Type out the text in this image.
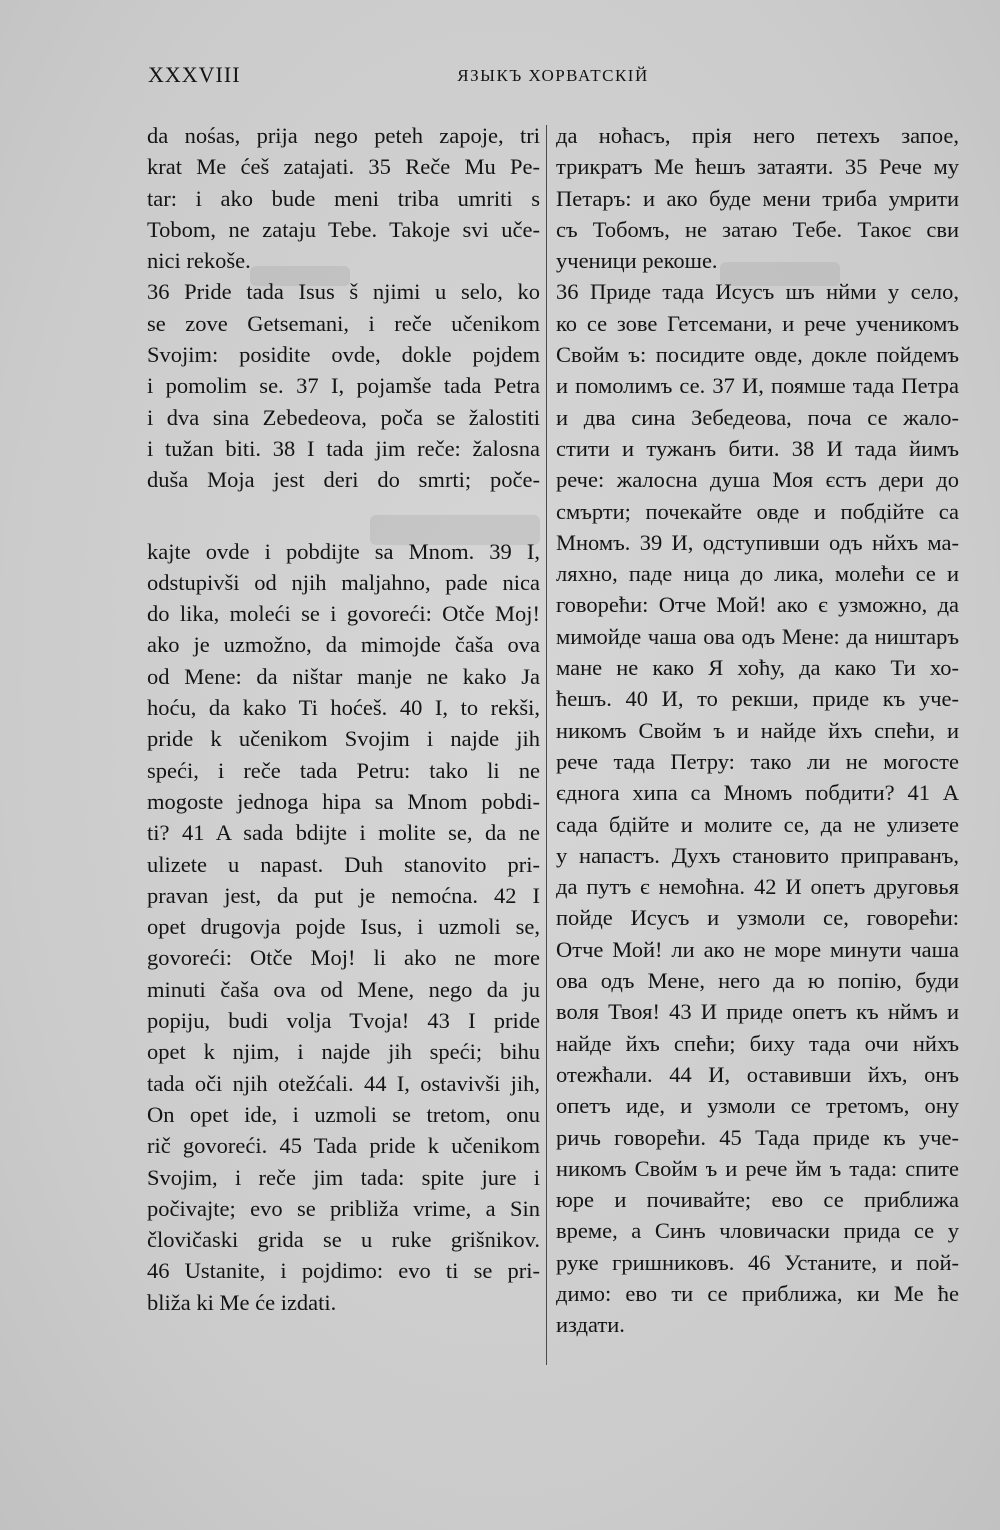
XXXVIII	ЯЗЫКЪ ХОРВАТСКІЙ
da nośas, prija nego peteh zapoje, tri
krat Me ćeš zatajati. 35 Reče Mu Pe-
tar: i ako bude meni triba umriti s
Tobom, ne zataju Tebe. Takoje svi uče-
nici rekoše.
36 Pride tada Isus š njimi u selo, ko
se zove Getsemani, i reče učenikom
Svojim: posidite ovde, dokle pojdem
i pomolim se. 37 I, pojamše tada Petra
i dva sina Zebedeova, poča se žalostiti
i tužan biti. 38 I tada jim reče: žalosna
duša Moja jest deri do smrti; poče-
kajte ovde i pobdijte sa Mnom. 39 I,
odstupivši od njih maljahno, pade nica
do lika, moleći se i govoreći: Otče Moj!
ako je uzmožno, da mimojde čaša ova
od Mene: da ništar manje ne kako Ja
hoću, da kako Ti hoćeš. 40 I, to rekši,
pride k učenikom Svojim i najde jih
speći, i reče tada Petru: tako li ne
mogoste jednoga hipa sa Mnom pobdi-
ti? 41 A sada bdijte i molite se, da ne
ulizete u napast. Duh stanovito pri-
pravan jest, da put je nemoćna. 42 I
opet drugovja pojde Isus, i uzmoli se,
govoreći: Otče Moj! li ako ne more
minuti čaša ova od Mene, nego da ju
popiju, budi volja Tvoja! 43 I pride
opet k njim, i najde jih speći; bihu
tada oči njih otežćali. 44 I, ostavivši jih,
On opet ide, i uzmoli se tretom, onu
rič govoreći. 45 Tada pride k učenikom
Svojim, i reče jim tada: spite jure i
počivajte; evo se približa vrime, a Sin
človičaski grida se u ruke grišnikov.
46 Ustanite, i pojdimo: evo ti se pri-
bliža ki Me će izdati.
да ноћасъ, прія него петехъ запое,
трикратъ Ме ћешъ затаяти. 35 Рече му
Петаръ: и ако буде мени триба умрити
съ Тобомъ, не затаю Тебе. Такоє сви
ученици рекоше.
36 Приде тада Исусъ шъ нйми у село,
ко се зове Гетсемани, и рече ученикомъ
Свойм ъ: посидите овде, докле пойдемъ
и помолимъ се. 37 И, поямше тада Петра
и два сина Зебедеова, поча се жало-
стити и тужанъ бити. 38 И тада йимъ
рече: жалосна душа Моя єстъ дери до
смърти; почекайте овде и побдійте са
Мномъ. 39 И, одступивши одъ нйхъ ма-
ляхно, паде ница до лика, молећи се и
говорећи: Отче Мой! ако є узможно, да
мимойде чаша ова одъ Мене: да ништаръ
мане не како Я хоћу, да како Ти хо-
ћешъ. 40 И, то рекши, приде къ уче-
никомъ Свойм ъ и найде йхъ спећи, и
рече тада Петру: тако ли не могосте
єднога хипа са Мномъ побдити? 41 А
сада бдійте и молите се, да не улизете
у напастъ. Духъ становито приправанъ,
да путъ є немоћна. 42 И опетъ друговья
пойде Исусъ и узмоли се, говорећи:
Отче Мой! ли ако не море минути чаша
ова одъ Мене, него да ю попію, буди
воля Твоя! 43 И приде опетъ къ нймъ и
найде йхъ спећи; биху тада очи нйхъ
отежћали. 44 И, оставивши йхъ, онъ
опетъ иде, и узмоли се третомъ, ону
ричь говорећи. 45 Тада приде къ уче-
никомъ Свойм ъ и рече йм ъ тада: спите
юре и почивайте; ево се приближа
време, а Синъ чловичаски прида се у
руке гришниковъ. 46 Устаните, и пой-
димо: ево ти се приближа, ки Ме ће
издати.
